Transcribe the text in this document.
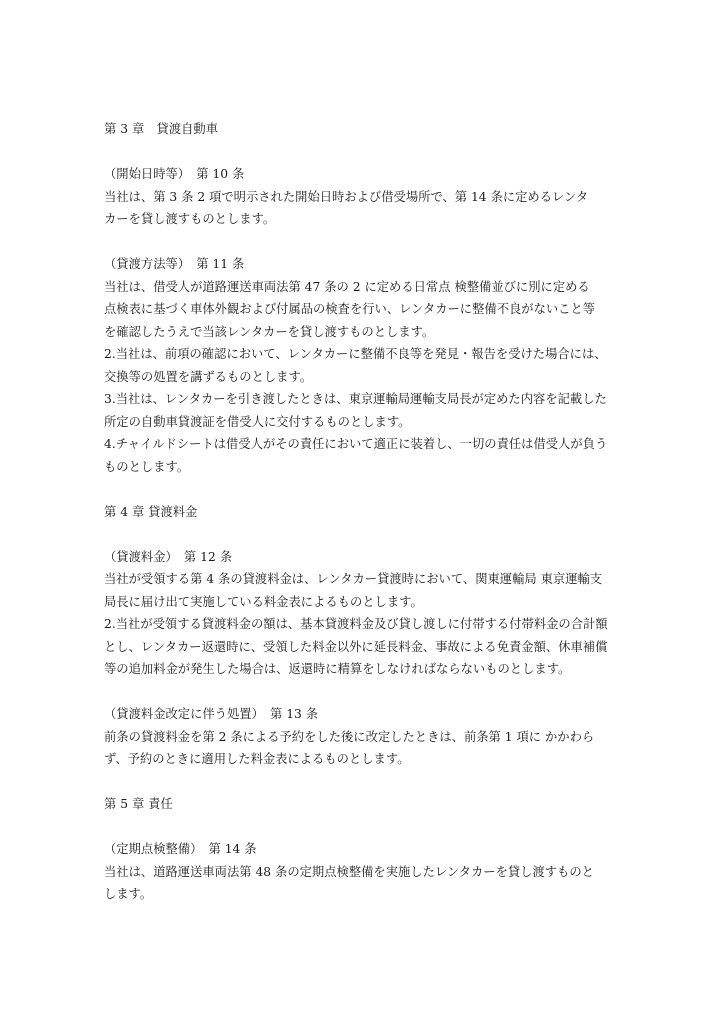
第 3 章　貸渡自動車
（開始日時等）　第 10 条
当社は、第 3 条 2 項で明示された開始日時および借受場所で、第 14 条に定めるレンタ
カーを貸し渡すものとします。
（貸渡方法等）　第 11 条
当社は、借受人が道路運送車両法第 47 条の 2 に定める日常点 検整備並びに別に定める
点検表に基づく車体外観および付属品の検査を行い、レンタカーに整備不良がないこと等
を確認したうえで当該レンタカーを貸し渡すものとします。
2.当社は、前項の確認において、レンタカーに整備不良等を発見・報告を受けた場合には、
交換等の処置を講ずるものとします。
3.当社は、レンタカーを引き渡したときは、東京運輸局運輸支局長が定めた内容を記載した
所定の自動車貸渡証を借受人に交付するものとします。
4.チャイルドシートは借受人がその責任において適正に装着し、一切の責任は借受人が負う
ものとします。
第 4 章 貸渡料金
（貸渡料金）　第 12 条
当社が受領する第 4 条の貸渡料金は、レンタカー貸渡時において、関東運輸局 東京運輸支
局長に届け出て実施している料金表によるものとします。
2.当社が受領する貸渡料金の額は、基本貸渡料金及び貸し渡しに付帯する付帯料金の合計額
とし、レンタカー返還時に、受領した料金以外に延長料金、事故による免責金額、休車補償
等の追加料金が発生した場合は、返還時に精算をしなければならないものとします。
（貸渡料金改定に伴う処置）　第 13 条
前条の貸渡料金を第 2 条による予約をした後に改定したときは、前条第 1 項に かかわら
ず、予約のときに適用した料金表によるものとします。
第 5 章 責任
（定期点検整備）　第 14 条
当社は、道路運送車両法第 48 条の定期点検整備を実施したレンタカーを貸し渡すものと
します。
